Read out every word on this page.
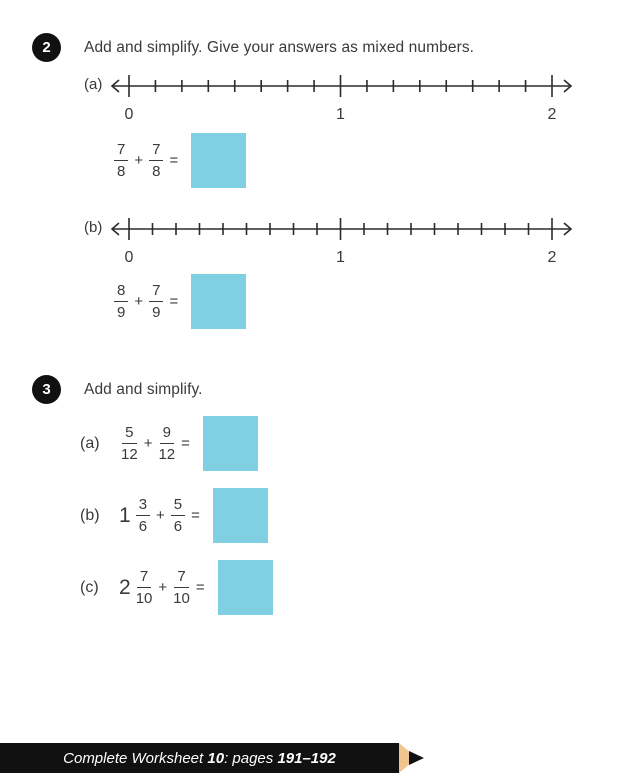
2	Add and simplify. Give your answers as mixed numbers.
(a)
0	1	2
$\frac{7}{8} + \frac{7}{8}$ =
(b)
0	1	2
$\frac{8}{9} + \frac{7}{9}$ =
3	Add and simplify.
$(a) \frac{5}{12} + \frac{9}{12}$ =
(b) $1 \frac{3}{6} + \frac{5}{6}$ =
(c) $2 \frac{7}{10} + \frac{7}{10}$ =
Complete Worksheet 10 : pages 191–192
